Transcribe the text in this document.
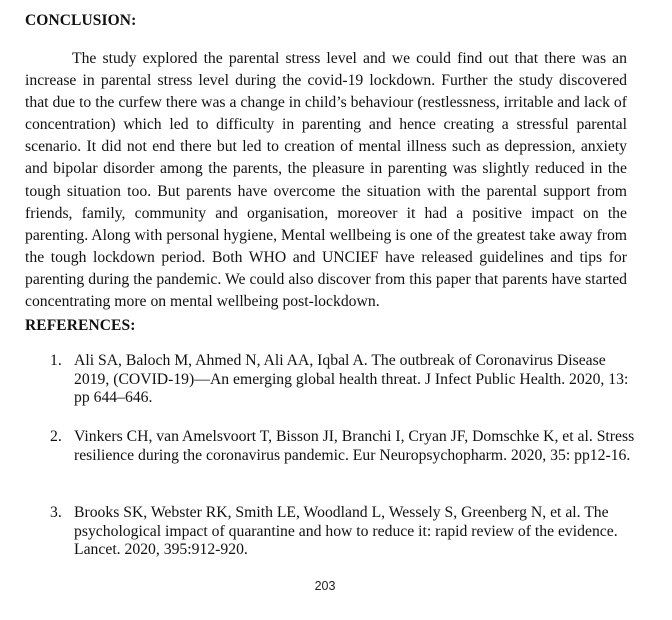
CONCLUSION:

The study explored the parental stress level and we could find out that there was an increase in parental stress level during the covid-19 lockdown. Further the study discovered that due to the curfew there was a change in child’s behaviour (restlessness, irritable and lack of concentration) which led to difficulty in parenting and hence creating a stressful parental scenario. It did not end there but led to creation of mental illness such as depression, anxiety and bipolar disorder among the parents, the pleasure in parenting was slightly reduced in the tough situation too. But parents have overcome the situation with the parental support from friends, family, community and organisation, moreover it had a positive impact on the parenting. Along with personal hygiene, Mental wellbeing is one of the greatest take away from the tough lockdown period. Both WHO and UNCIEF have released guidelines and tips for parenting during the pandemic. We could also discover from this paper that parents have started concentrating more on mental wellbeing post-lockdown.

REFERENCES:
1. Ali SA, Baloch M, Ahmed N, Ali AA, Iqbal A. The outbreak of Coronavirus Disease 2019, (COVID-19)—An emerging global health threat. J Infect Public Health. 2020, 13: pp 644–646.
2. Vinkers CH, van Amelsvoort T, Bisson JI, Branchi I, Cryan JF, Domschke K, et al. Stress resilience during the coronavirus pandemic. Eur Neuropsychopharm. 2020, 35: pp12-16.
3. Brooks SK, Webster RK, Smith LE, Woodland L, Wessely S, Greenberg N, et al. The psychological impact of quarantine and how to reduce it: rapid review of the evidence. Lancet. 2020, 395:912-920.
203
